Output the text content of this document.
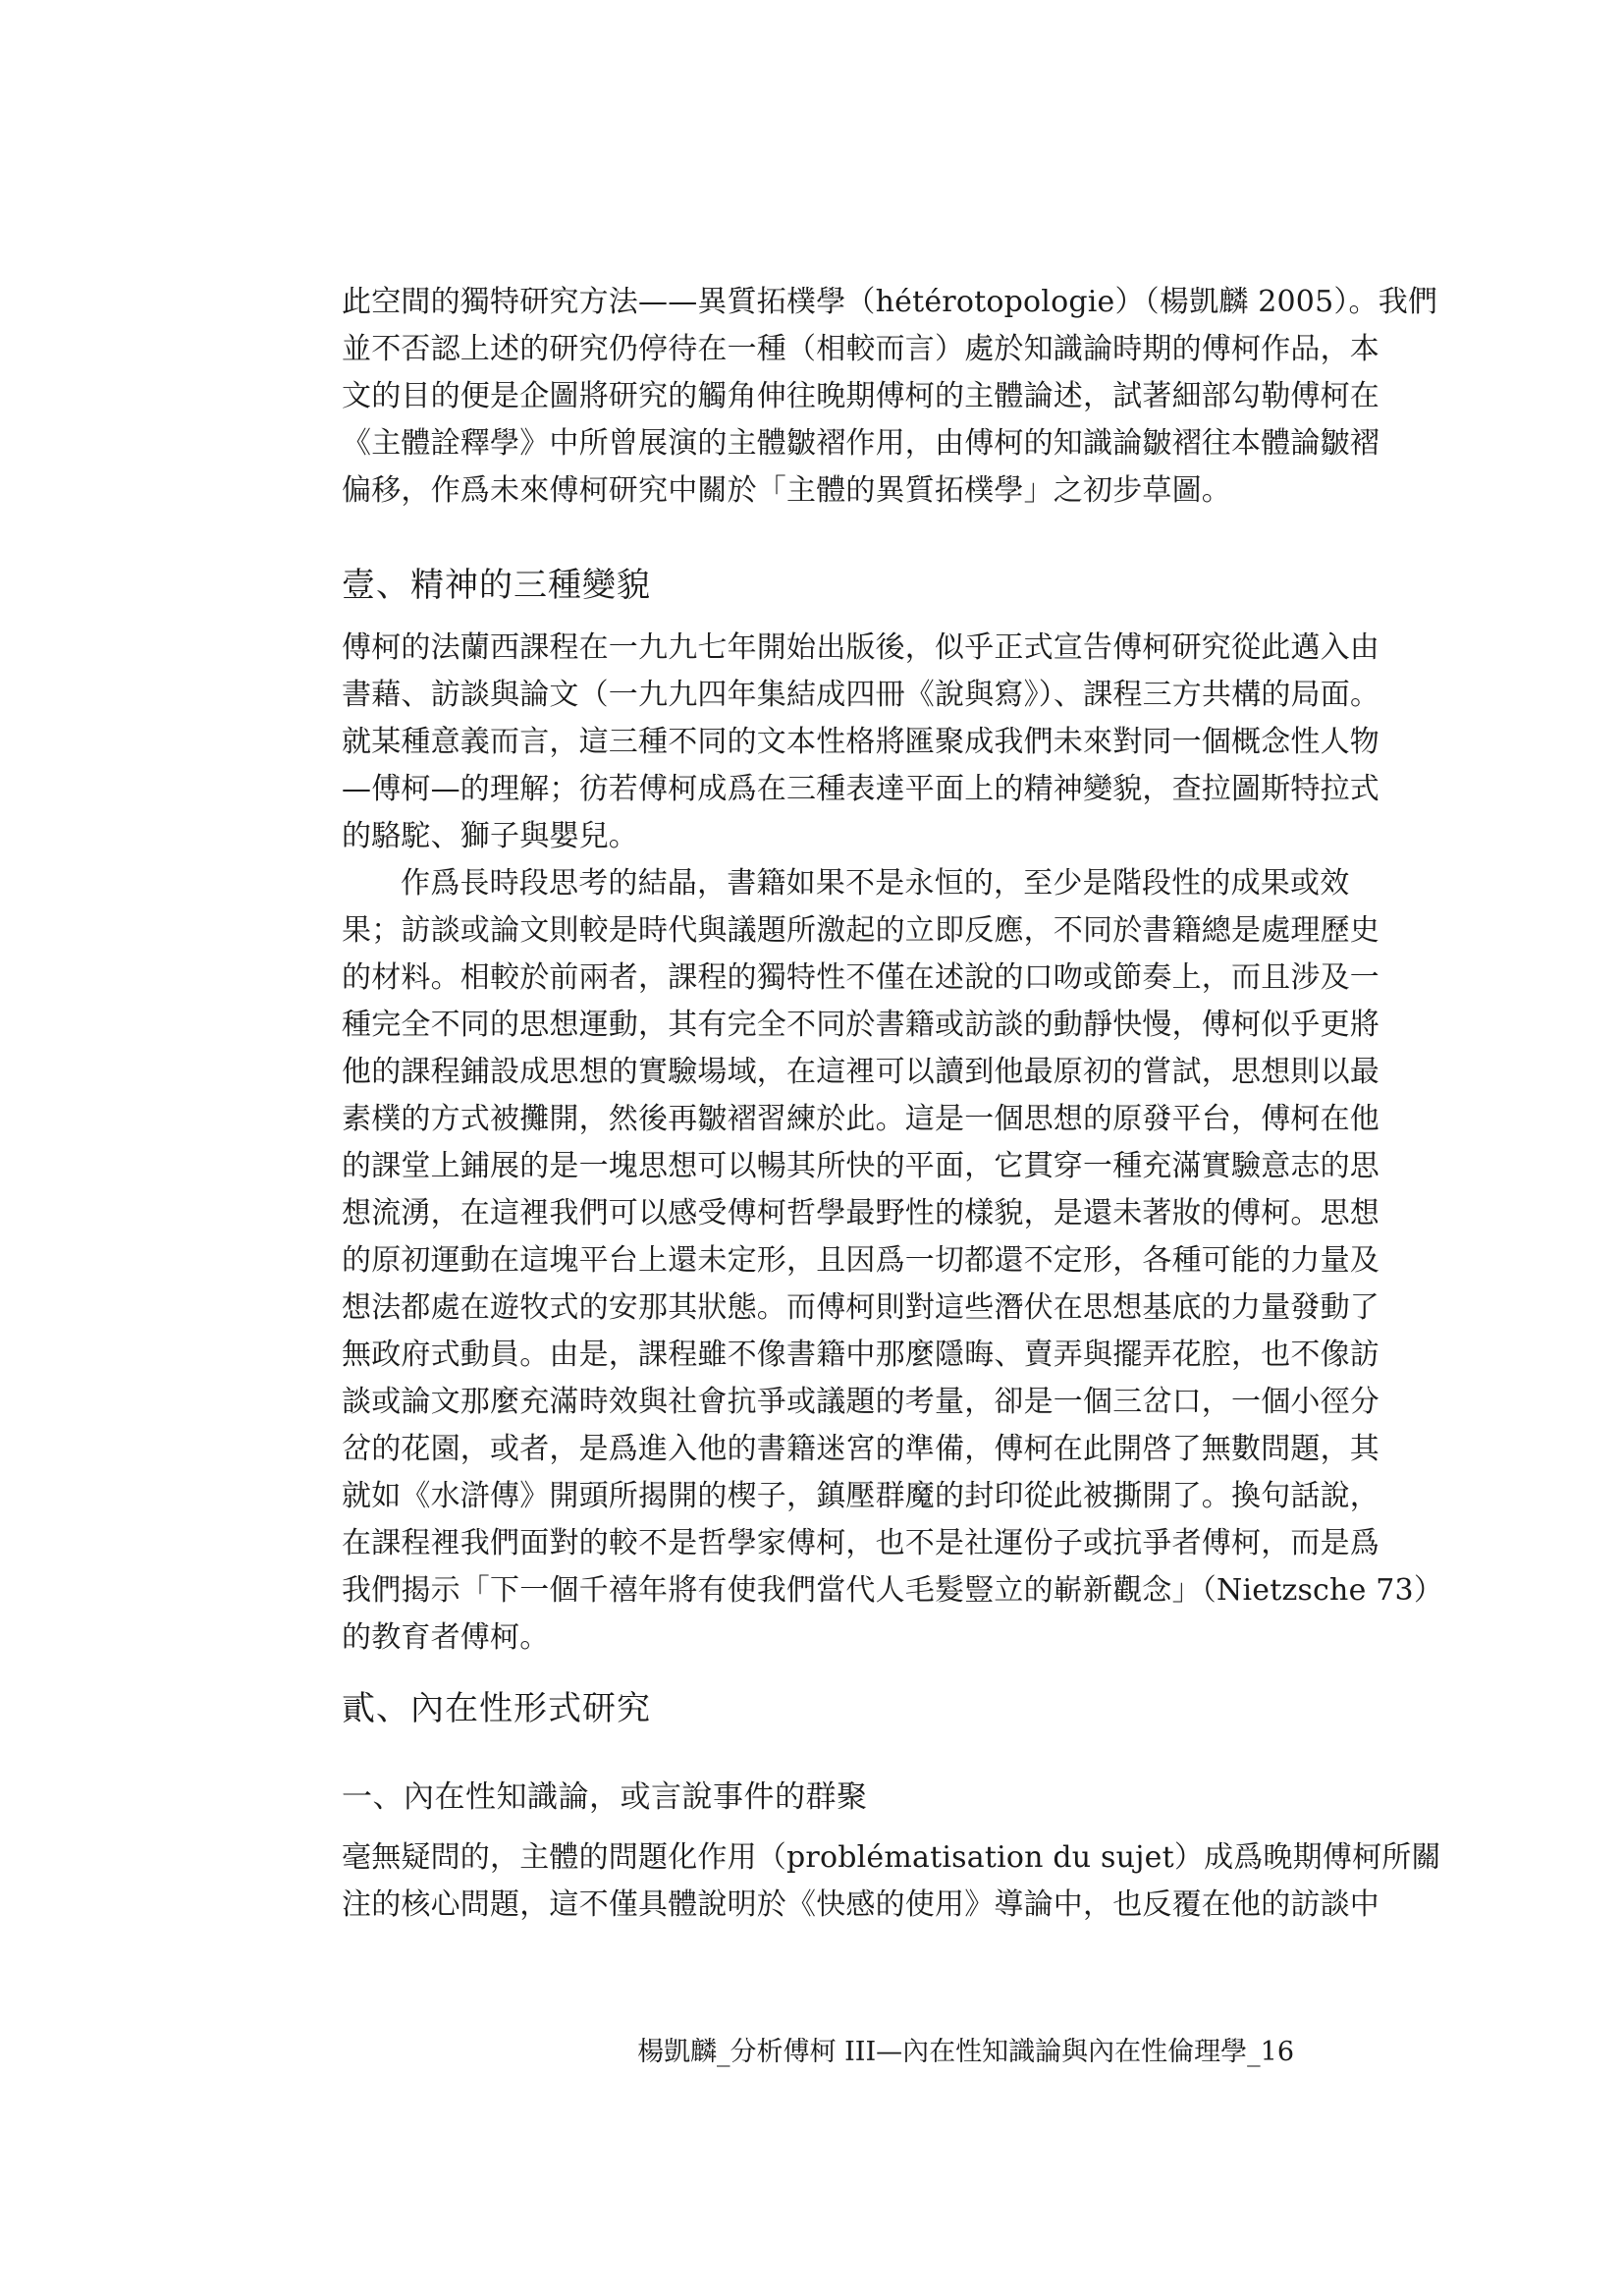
此空間的獨特研究方法——異質拓樸學（hétérotopologie）（楊凱麟 2005）。我們
並不否認上述的研究仍停待在一種（相較而言）處於知識論時期的傅柯作品，本
文的目的便是企圖將研究的觸角伸往晚期傅柯的主體論述，試著細部勾勒傅柯在
《主體詮釋學》中所曾展演的主體皺褶作用，由傅柯的知識論皺褶往本體論皺褶
偏移，作爲未來傅柯研究中關於「主體的異質拓樸學」之初步草圖。
壹、精神的三種變貌
傅柯的法蘭西課程在一九九七年開始出版後，似乎正式宣告傅柯研究從此邁入由
書藉、訪談與論文（一九九四年集結成四冊《說與寫》）、課程三方共構的局面。
就某種意義而言，這三種不同的文本性格將匯聚成我們未來對同一個概念性人物
—傅柯—的理解；彷若傅柯成爲在三種表達平面上的精神變貌，查拉圖斯特拉式
的駱駝、獅子與嬰兒。
作爲長時段思考的結晶，書籍如果不是永恒的，至少是階段性的成果或效
果；訪談或論文則較是時代與議題所激起的立即反應，不同於書籍總是處理歷史
的材料。相較於前兩者，課程的獨特性不僅在述說的口吻或節奏上，而且涉及一
種完全不同的思想運動，其有完全不同於書籍或訪談的動靜快慢，傅柯似乎更將
他的課程鋪設成思想的實驗場域，在這裡可以讀到他最原初的嘗試，思想則以最
素樸的方式被攤開，然後再皺褶習練於此。這是一個思想的原發平台，傅柯在他
的課堂上鋪展的是一塊思想可以暢其所快的平面，它貫穿一種充滿實驗意志的思
想流湧，在這裡我們可以感受傅柯哲學最野性的樣貌，是還未著妝的傅柯。思想
的原初運動在這塊平台上還未定形，且因爲一切都還不定形，各種可能的力量及
想法都處在遊牧式的安那其狀態。而傅柯則對這些潛伏在思想基底的力量發動了
無政府式動員。由是，課程雖不像書籍中那麼隱晦、賣弄與擺弄花腔，也不像訪
談或論文那麼充滿時效與社會抗爭或議題的考量，卻是一個三岔口，一個小徑分
岔的花園，或者，是爲進入他的書籍迷宮的準備，傅柯在此開啓了無數問題，其
就如《水滸傳》開頭所揭開的楔子，鎮壓群魔的封印從此被撕開了。換句話說，
在課程裡我們面對的較不是哲學家傅柯，也不是社運份子或抗爭者傅柯，而是爲
我們揭示「下一個千禧年將有使我們當代人毛髮豎立的嶄新觀念」（Nietzsche 73）
的教育者傅柯。
貳、內在性形式研究
一、內在性知識論，或言說事件的群聚
毫無疑問的，主體的問題化作用（problématisation du sujet）成爲晚期傅柯所關
注的核心問題，這不僅具體說明於《快感的使用》導論中，也反覆在他的訪談中
楊凱麟_分析傅柯 III—內在性知識論與內在性倫理學_16
